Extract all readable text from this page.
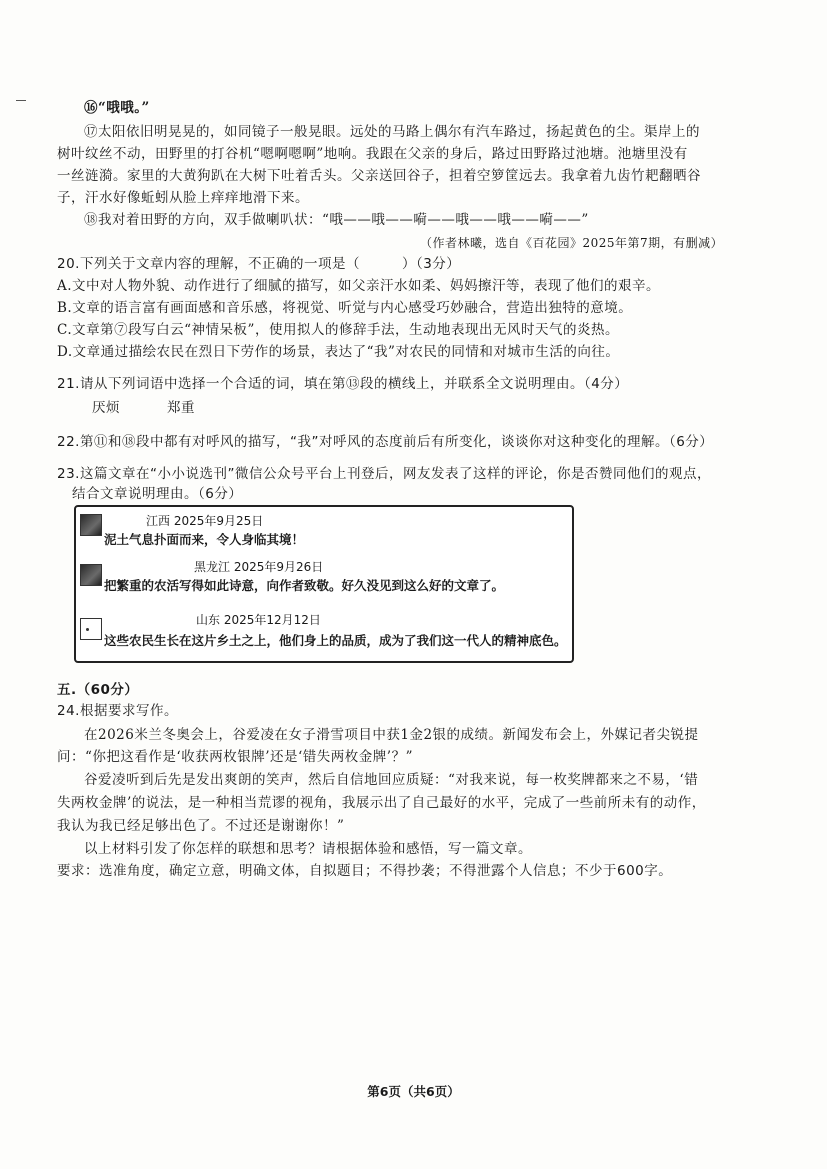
⑯“哦哦。”
⑰太阳依旧明晃晃的，如同镜子一般晃眼。远处的马路上偶尔有汽车路过，扬起黄色的尘。渠岸上的
树叶纹丝不动，田野里的打谷机“嗯啊嗯啊”地响。我跟在父亲的身后，路过田野路过池塘。池塘里没有
一丝涟漪。家里的大黄狗趴在大树下吐着舌头。父亲送回谷子，担着空箩筐远去。我拿着九齿竹耙翻晒谷
子，汗水好像蚯蚓从脸上痒痒地滑下来。
⑱我对着田野的方向，双手做喇叭状：“哦——哦——嗬——哦——哦——嗬——”
（作者林曦，选自《百花园》2025年第7期，有删减）
20.下列关于文章内容的理解，不正确的一项是（　　　）（3分）
A.文中对人物外貌、动作进行了细腻的描写，如父亲汗水如柔、妈妈擦汗等，表现了他们的艰辛。
B.文章的语言富有画面感和音乐感，将视觉、听觉与内心感受巧妙融合，营造出独特的意境。
C.文章第⑦段写白云“神情呆板”，使用拟人的修辞手法，生动地表现出无风时天气的炎热。
D.文章通过描绘农民在烈日下劳作的场景，表达了“我”对农民的同情和对城市生活的向往。
21.请从下列词语中选择一个合适的词，填在第⑬段的横线上，并联系全文说明理由。（4分）
厌烦	郑重
22.第⑪和⑱段中都有对呼风的描写，“我”对呼风的态度前后有所变化，谈谈你对这种变化的理解。（6分）
23.这篇文章在“小小说选刊”微信公众号平台上刊登后，网友发表了这样的评论，你是否赞同他们的观点，
结合文章说明理由。（6分）
江西 2025年9月25日
泥土气息扑面而来，令人身临其境！
黑龙江 2025年9月26日
把繁重的农活写得如此诗意，向作者致敬。好久没见到这么好的文章了。
山东 2025年12月12日
这些农民生长在这片乡土之上，他们身上的品质，成为了我们这一代人的精神底色。
五.（60分）
24.根据要求写作。
在2026米兰冬奥会上，谷爱凌在女子滑雪项目中获1金2银的成绩。新闻发布会上，外媒记者尖锐提
问：“你把这看作是‘收获两枚银牌’还是‘错失两枚金牌’？”
谷爱凌听到后先是发出爽朗的笑声，然后自信地回应质疑：“对我来说，每一枚奖牌都来之不易，‘错
失两枚金牌’的说法，是一种相当荒谬的视角，我展示出了自己最好的水平，完成了一些前所未有的动作，
我认为我已经足够出色了。不过还是谢谢你！”
以上材料引发了你怎样的联想和思考？请根据体验和感悟，写一篇文章。
要求：选准角度，确定立意，明确文体，自拟题目；不得抄袭；不得泄露个人信息；不少于600字。
第6页（共6页）
